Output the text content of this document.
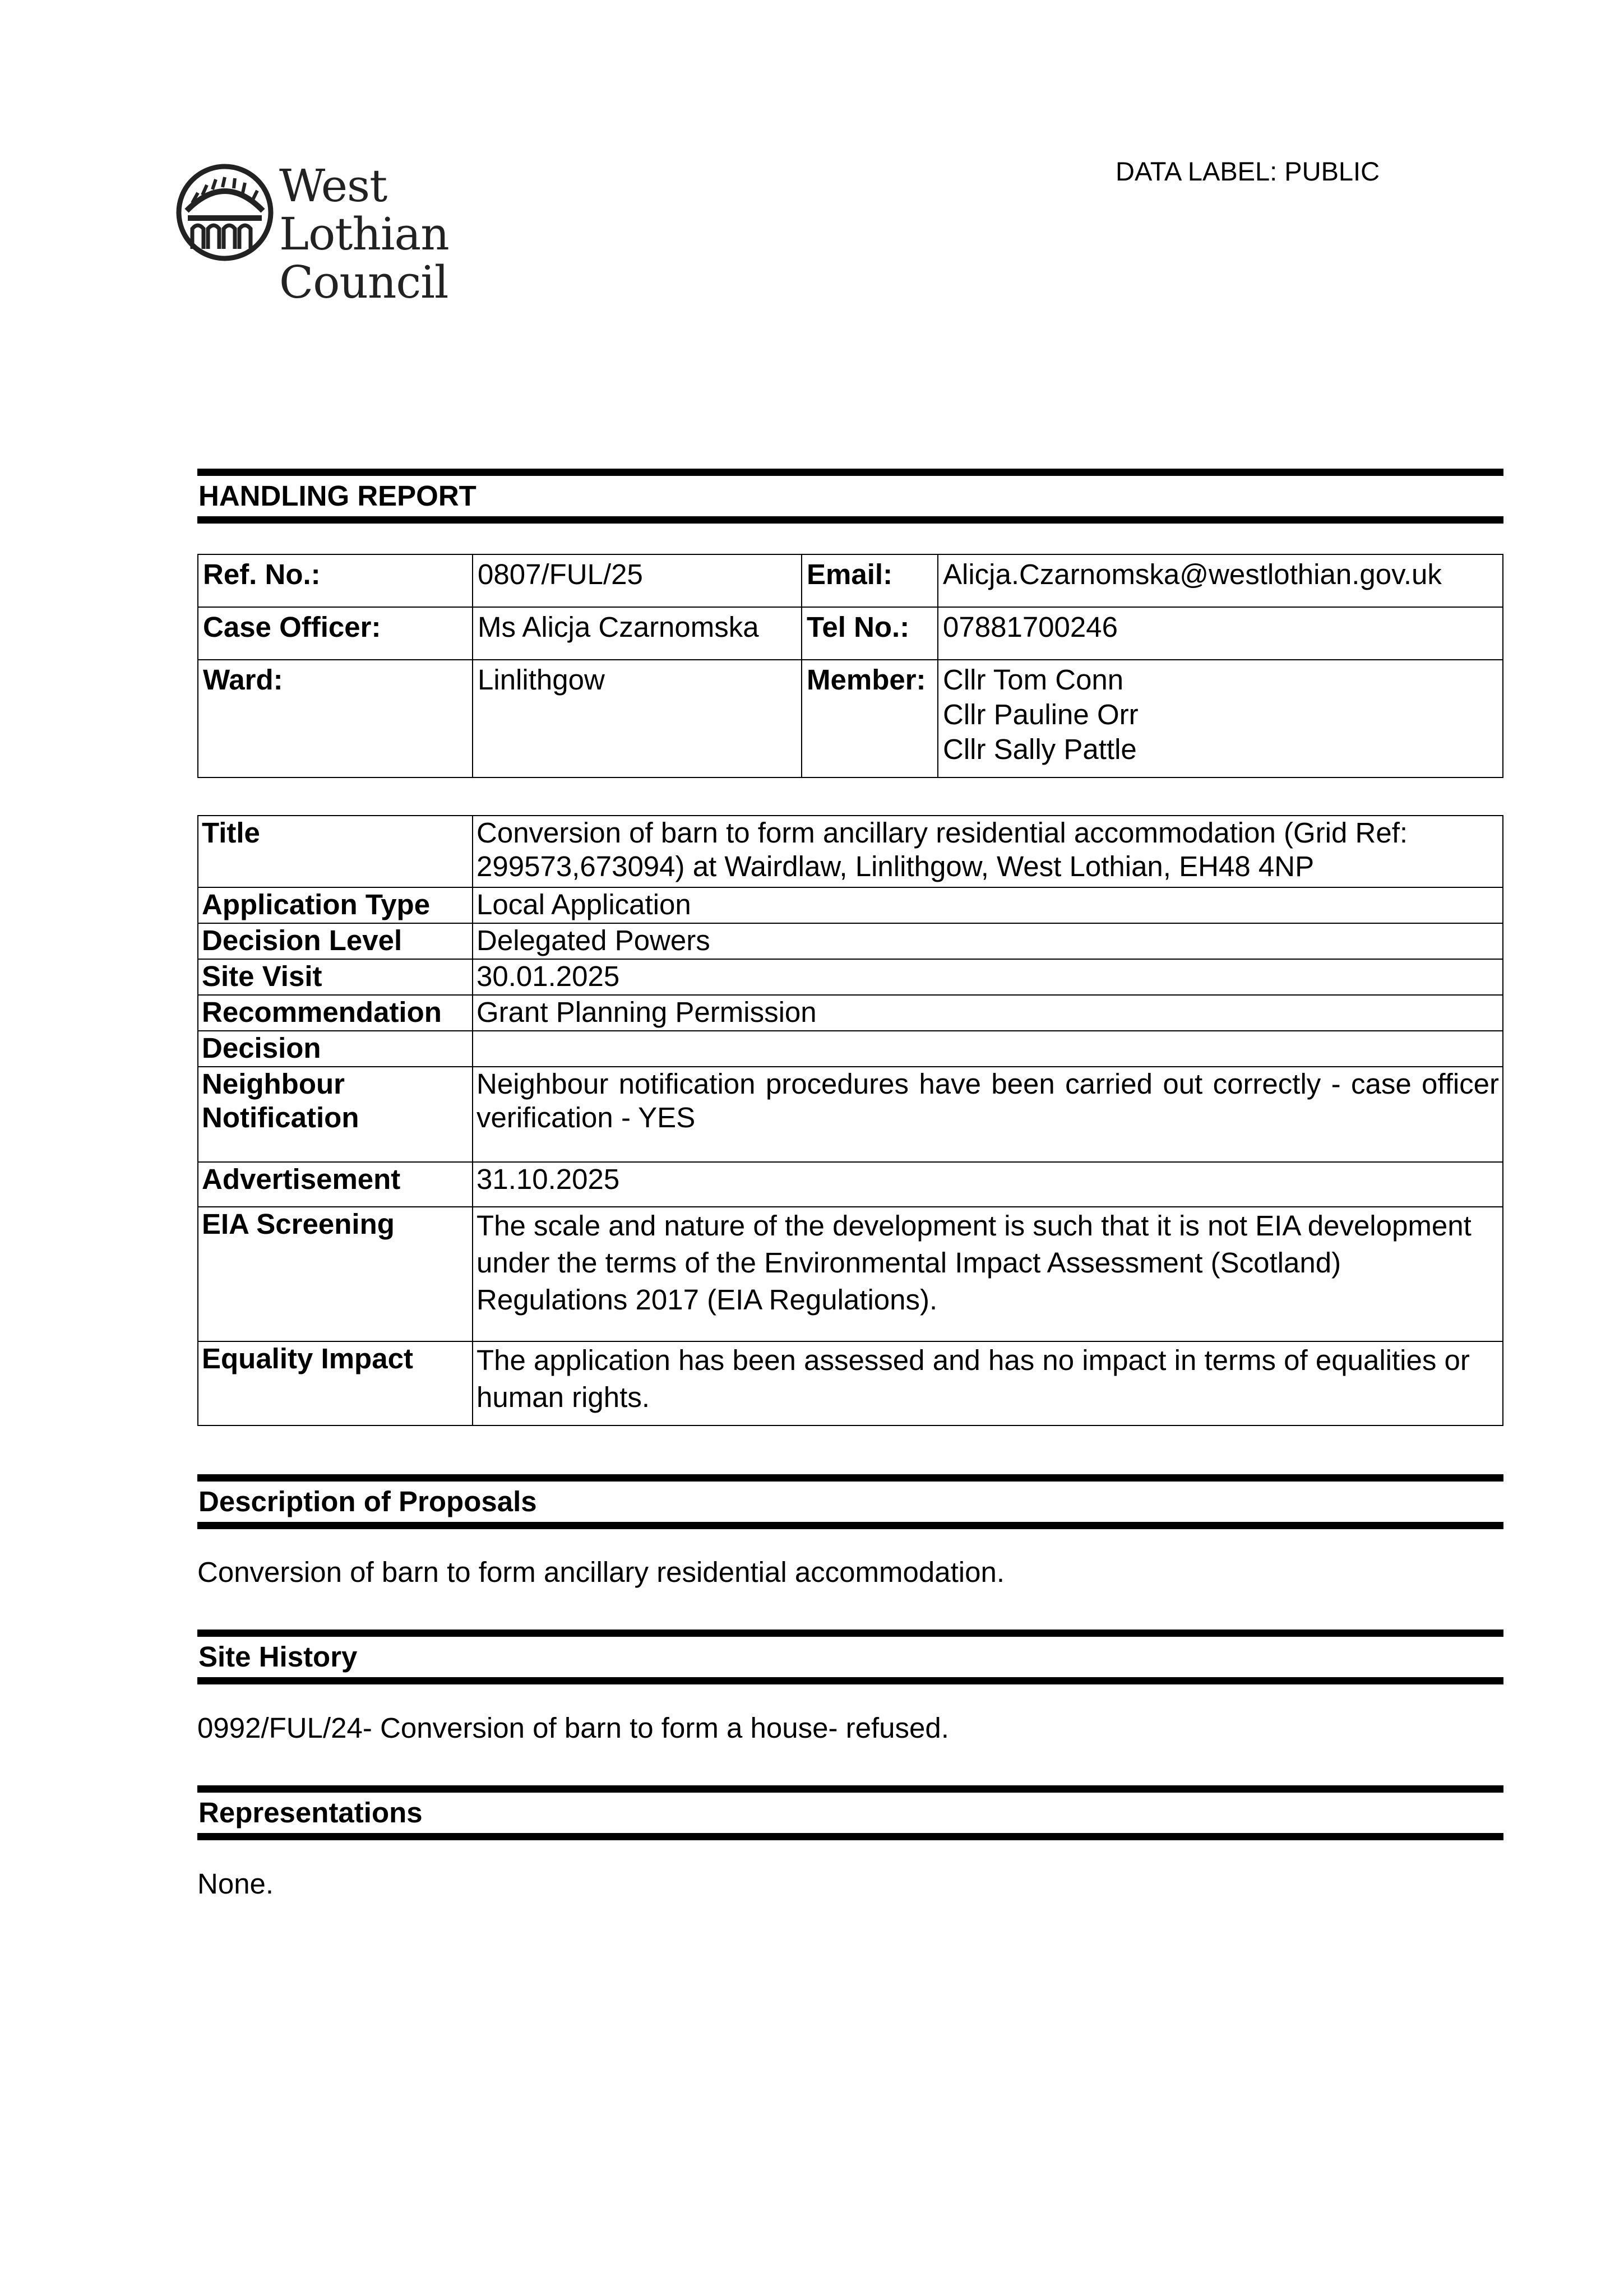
West Lothian
Council
DATA LABEL: PUBLIC
HANDLING REPORT
Ref. No.:	0807/FUL/25	Email:	Alicja.Czarnomska@westlothian.gov.uk
Case Officer:	Ms Alicja Czarnomska	Tel No.:	07881700246
Ward:	Linlithgow	Member:	Cllr Tom Conn
Cllr Pauline Orr
Cllr Sally Pattle
Title	Conversion of barn to form ancillary residential accommodation (Grid Ref: 299573,673094) at Wairdlaw, Linlithgow, West Lothian, EH48 4NP
Application Type	Local Application
Decision Level	Delegated Powers
Site Visit	30.01.2025
Recommendation	Grant Planning Permission
Decision	
Neighbour Notification	Neighbour notification procedures have been carried out correctly - case officer verification - YES
Advertisement	31.10.2025
EIA Screening	The scale and nature of the development is such that it is not EIA development under the terms of the Environmental Impact Assessment (Scotland) Regulations 2017 (EIA Regulations).
Equality Impact	The application has been assessed and has no impact in terms of equalities or human rights.
Description of Proposals
Conversion of barn to form ancillary residential accommodation.
Site History
0992/FUL/24- Conversion of barn to form a house- refused.
Representations
None.
